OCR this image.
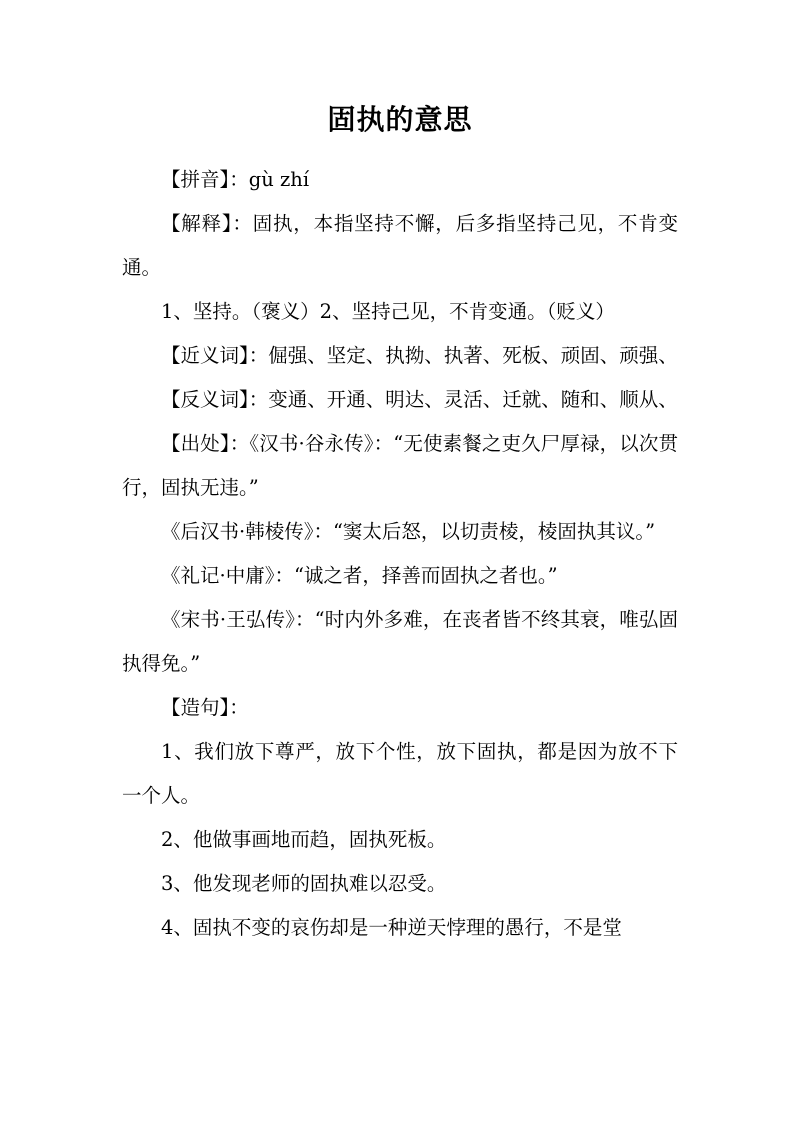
固执的意思

【拼音】：gù zhí

【解释】：固执，本指坚持不懈，后多指坚持己见，不肯变通。

1、坚持。（褒义）2、坚持己见，不肯变通。（贬义）

【近义词】：倔强、坚定、执拗、执著、死板、顽固、顽强、

【反义词】：变通、开通、明达、灵活、迁就、随和、顺从、

【出处】：《汉书·谷永传》：“无使素餐之吏久尸厚禄，以次贯行，固执无违。”

《后汉书·韩棱传》：“窦太后怒，以切责棱，棱固执其议。”

《礼记·中庸》：“诚之者，择善而固执之者也。”

《宋书·王弘传》：“时内外多难，在丧者皆不终其衰，唯弘固执得免。”

【造句】：

1、我们放下尊严，放下个性，放下固执，都是因为放不下一个人。

2、他做事画地而趋，固执死板。

3、他发现老师的固执难以忍受。

4、固执不变的哀伤却是一种逆天悖理的愚行，不是堂
